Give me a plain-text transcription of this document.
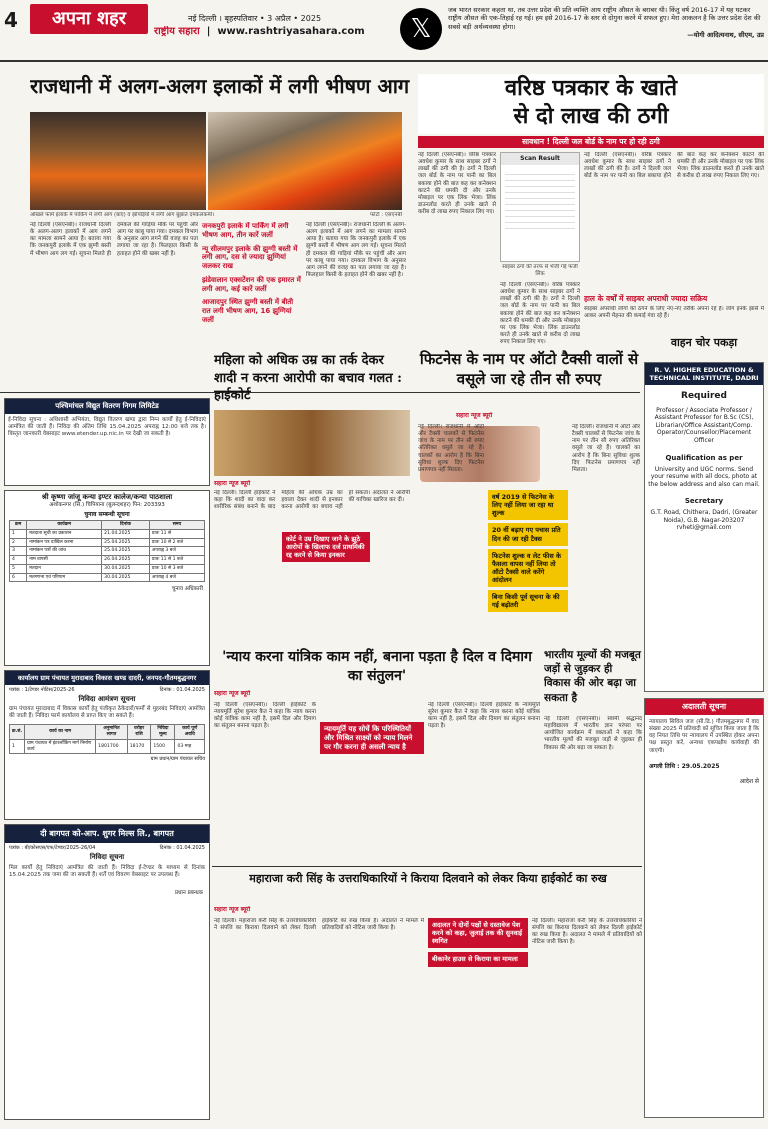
4	अपना शहर	नई दिल्ली । बृहस्पतिवार • 3 अप्रैल • 2025
राष्ट्रीय सहारा  |  www.rashtriyasahara.com	𝕏
जब भारत सरकार कहता था, तब उत्तर प्रदेश की प्रति व्यक्ति आय राष्ट्रीय औसत के बराबर थी। किंतु वर्ष 2016-17 में यह घटकर राष्ट्रीय औसत की एक-तिहाई रह गई। हम इसे 2016-17 के स्तर से दोगुना करने में सफल हुए। मेरा आकलन है कि उत्तर प्रदेश देश की सबसे बड़ी अर्थव्यवस्था होगा।
—योगी आदित्यनाथ, सीएम, उप्र
राजधानी में अलग-अलग इलाकों में लगी भीषण आग
ओखले फार्म इलाके में पार्किंग में लगी आग (बाएं) व झोंपड़ियों में लगी आग बुझाते दमकलकर्मी।	फोटो : एसएनबी
नई दिल्ली (एसएनबी)। राजधानी दिल्ली के अलग-अलग इलाकों में आग लगने का मामला सामने आया है। बताया गया कि जनकपुरी इलाके में एक झुग्गी बस्ती में भीषण आग लग गई। सूचना मिलते ही दमकल की गाड़ियां मौके पर पहुंचीं और आग पर काबू पाया गया। दमकल विभाग के अनुसार आग लगने की वजह का पता लगाया जा रहा है। फिलहाल किसी के हताहत होने की खबर नहीं है।
जनकपुरी इलाके में पार्किंग में लगी भीषण आग, तीन कारें जलीं
न्यू सीलमपुर इलाके की झुग्गी बस्ती में लगी आग, दस से ज्यादा झुग्गियां जलकर राख
झंडेवालान एक्सटेंशन की एक इमारत में लगी आग, कई कारें जलीं
आजादपुर स्थित झुग्गी बस्ती में बीती रात लगी भीषण आग, 16 झुग्गियां जलीं
नई दिल्ली (एसएनबी)। राजधानी दिल्ली के अलग-अलग इलाकों में आग लगने का मामला सामने आया है। बताया गया कि जनकपुरी इलाके में एक झुग्गी बस्ती में भीषण आग लग गई। सूचना मिलते ही दमकल की गाड़ियां मौके पर पहुंचीं और आग पर काबू पाया गया। दमकल विभाग के अनुसार आग लगने की वजह का पता लगाया जा रहा है। फिलहाल किसी के हताहत होने की खबर नहीं है।
वरिष्ठ पत्रकार के खाते
से दो लाख की ठगी
सावधान ! दिल्ली जल बोर्ड के नाम पर हो रही ठगी
नई दिल्ली (एसएनबी)। वरिष्ठ पत्रकार अवधेश कुमार के साथ साइबर ठगों ने लाखों की ठगी की है। ठगों ने दिल्ली जल बोर्ड के नाम पर पानी का बिल बकाया होने की बात कह कर कनेक्शन काटने की धमकी दी और उनके मोबाइल पर एक लिंक भेजा। लिंक डाउनलोड करते ही उनके खाते से करीब दो लाख रुपए निकाल लिए गए।
Scan Result
साइबर ठगों की तरफ से भेजी गई फर्जी लिंक
नई दिल्ली (एसएनबी)। वरिष्ठ पत्रकार अवधेश कुमार के साथ साइबर ठगों ने लाखों की ठगी की है। ठगों ने दिल्ली जल बोर्ड के नाम पर पानी का बिल बकाया होने की बात कह कर कनेक्शन काटने की धमकी दी और उनके मोबाइल पर एक लिंक भेजा। लिंक डाउनलोड करते ही उनके खाते से करीब दो लाख रुपए निकाल लिए गए।
हाल के वर्षों में साइबर अपराधी ज्यादा सक्रिय
साइबर अपराधी लोगों को ठगने के लिए नए-नए तरीके अपना रहे हैं। लोग इनके झांसे में आकर अपनी मेहनत की कमाई गंवा रहे हैं।
नई दिल्ली (एसएनबी)। वरिष्ठ पत्रकार अवधेश कुमार के साथ साइबर ठगों ने लाखों की ठगी की है। ठगों ने दिल्ली जल बोर्ड के नाम पर पानी का बिल बकाया होने की बात कह कर कनेक्शन काटने की धमकी दी और उनके मोबाइल पर एक लिंक भेजा। लिंक डाउनलोड करते ही उनके खाते से करीब दो लाख रुपए निकाल लिए गए।
पश्चिमांचल विद्युत वितरण निगम लिमिटेड
ई-निविदा सूचना : अधिशासी अभियंता, विद्युत वितरण खण्ड द्वारा निम्न कार्यों हेतु ई-निविदाएं आमंत्रित की जाती हैं। निविदा की अंतिम तिथि 15.04.2025 अपराह्न 12:00 बजे तक है। विस्तृत जानकारी वेबसाइट www.etender.up.nic.in पर देखी जा सकती है।
श्री कृष्णा जांजू कन्या इण्टर कालेज/कन्या पाठशाला
अशोकनगर (सि.) चिपियाना (बुलन्दशहर) पिन: 203393
चुनाव सम्बन्धी सूचना
क्रम	कार्यक्रम	दिनांक	समय
1	मतदाता सूची का प्रकाशन	21.04.2025	प्रातः 11 से
2	नामांकन पत्र दाखिल करना	25.04.2025	प्रातः 10 से 2 बजे
3	नामांकन पत्रों की जांच	25.04.2025	अपराह्न 3 बजे
4	नाम वापसी	26.04.2025	प्रातः 11 से 1 बजे
5	मतदान	30.04.2025	प्रातः 10 से 3 बजे
6	मतगणना एवं परिणाम	30.04.2025	अपराह्न 4 बजे
चुनाव अधिकारी
कार्यालय ग्राम पंचायत मुरादाबाद विकास खण्ड दादरी, जनपद-गौतमबुद्धनगर
पत्रांक : 1/टेण्डर नोटिस/2025-26	दिनांक : 01.04.2025
निविदा आमंत्रण सूचना
ग्राम पंचायत मुरादाबाद में विकास कार्यों हेतु पंजीकृत ठेकेदारों/फर्मों से मुहरबंद निविदाएं आमंत्रित की जाती हैं। निविदा फार्म कार्यालय से प्राप्त किए जा सकते हैं।
क्र.सं.	कार्य का नाम	अनुमानित लागत	धरोहर राशि	निविदा मूल्य	कार्य पूर्ण अवधि
1	ग्राम पंचायत में इंटरलॉकिंग मार्ग निर्माण कार्य	1801700	18170	1500	03 माह
ग्राम प्रधान/ग्राम पंचायत सचिव
दी बागपत को-आप. शुगर मिल्स लि., बागपत
पत्रांक : बी/कोसएस/एफ/टेण्डर/2025-26/04	दिनांक : 01.04.2025
निविदा सूचना
मिल कार्यों हेतु निविदाएं आमंत्रित की जाती हैं। निविदा ई-टेण्डर के माध्यम से दिनांक 15.04.2025 तक जमा की जा सकती हैं। शर्तें एवं विवरण वेबसाइट पर उपलब्ध हैं।
प्रधान प्रबन्धक
महिला को अधिक उम्र का तर्क देकर शादी न करना आरोपी का बचाव गलत : हाईकोर्ट
सहारा न्यूज ब्यूरो
नई दिल्ली। दिल्ली हाईकोर्ट ने कहा कि शादी का वादा कर शारीरिक संबंध बनाने के बाद महिला की अधिक उम्र का हवाला देकर शादी से इनकार करना आरोपी का बचाव नहीं हो सकता। अदालत ने आरोपी की याचिका खारिज कर दी।
कोर्ट ने उम्र दिखाए जाने के झूठे आरोपों के खिलाफ दर्ज प्राथमिकी रद्द करने से किया इनकार
फिटनेस के नाम पर ऑटो टैक्सी वालों से वसूले जा रहे तीन सौ रुपए
सहारा न्यूज ब्यूरो
नई दिल्ली। राजधानी में ऑटो और टैक्सी चालकों से फिटनेस जांच के नाम पर तीन सौ रुपए अतिरिक्त वसूले जा रहे हैं। चालकों का आरोप है कि बिना सुविधा शुल्क दिए फिटनेस प्रमाणपत्र नहीं मिलता।
वर्ष 2019 से फिटनेस के लिए नहीं लिया जा रहा था शुल्क
20 वीं बढ़ाए गए पचास प्रति दिन की जा रही टैक्स
फिटनेस शुल्क व लेट फीस के फैसला वापस नहीं लिया तो ऑटो टैक्सी वाले करेंगे आंदोलन
बिना किसी पूर्व सूचना के की गई बढ़ोतरी
नई दिल्ली। राजधानी में ऑटो और टैक्सी चालकों से फिटनेस जांच के नाम पर तीन सौ रुपए अतिरिक्त वसूले जा रहे हैं। चालकों का आरोप है कि बिना सुविधा शुल्क दिए फिटनेस प्रमाणपत्र नहीं मिलता।
वाहन चोर पकड़ा
R. V. HIGHER EDUCATION & TECHNICAL INSTITUTE, DADRI
Required
Professor / Associate Professor / Assistant Professor for B.Sc (CS), Librarian/Office Assistant/Comp. Operator/Counsellor/Placement Officer
Qualification as per
University and UGC norms. Send your resume with all docs, photo at the below address and also can mail.
Secretary
G.T. Road, Chithera, Dadri, (Greater Noida), G.B. Nagar-203207 rvheti@gmail.com
अदालती सूचना
न्यायालय सिविल जज (सी.डि.) गौतमबुद्धनगर में वाद संख्या 2025 में प्रतिवादी को सूचित किया जाता है कि वह नियत तिथि पर न्यायालय में उपस्थित होकर अपना पक्ष प्रस्तुत करें, अन्यथा एकपक्षीय कार्यवाही की जाएगी।
अगली तिथि : 29.05.2025
आदेश से
'न्याय करना यांत्रिक काम नहीं, बनाना पड़ता है दिल व दिमाग का संतुलन'
सहारा न्यूज ब्यूरो
नई दिल्ली (एसएनबी)। दिल्ली हाईकोर्ट के न्यायमूर्ति सुरेश कुमार कैत ने कहा कि न्याय करना कोई यांत्रिक काम नहीं है, इसमें दिल और दिमाग का संतुलन बनाना पड़ता है।	न्यायमूर्ति यह सोचें कि परिस्थितियों और मिश्रित साक्ष्यों को न्याय मिलने पर गौर करना ही असली न्याय है
नई दिल्ली (एसएनबी)। दिल्ली हाईकोर्ट के न्यायमूर्ति सुरेश कुमार कैत ने कहा कि न्याय करना कोई यांत्रिक काम नहीं है, इसमें दिल और दिमाग का संतुलन बनाना पड़ता है।
भारतीय मूल्यों की मजबूत जड़ों से जुड़कर ही विकास की ओर बढ़ा जा सकता है
नई दिल्ली (एसएनबी)। स्वामी श्रद्धानंद महाविद्यालय में भारतीय ज्ञान परंपरा पर आयोजित कार्यक्रम में वक्ताओं ने कहा कि भारतीय मूल्यों की मजबूत जड़ों से जुड़कर ही विकास की ओर बढ़ा जा सकता है।
महाराजा करी सिंह के उत्तराधिकारियों ने किराया दिलवाने को लेकर किया हाईकोर्ट का रुख
सहारा न्यूज ब्यूरो
नई दिल्ली। महाराजा करी सिंह के उत्तराधिकारियों ने संपत्ति का किराया दिलवाने को लेकर दिल्ली हाईकोर्ट का रुख किया है। अदालत ने मामले में प्रतिवादियों को नोटिस जारी किया है।	अदालत ने दोनों पक्षों से दस्तावेज पेश करने को कहा, जुलाई तक की सुनवाई स्थगित
बीकानेर हाउस से किराया का मामला
नई दिल्ली। महाराजा करी सिंह के उत्तराधिकारियों ने संपत्ति का किराया दिलवाने को लेकर दिल्ली हाईकोर्ट का रुख किया है। अदालत ने मामले में प्रतिवादियों को नोटिस जारी किया है।
